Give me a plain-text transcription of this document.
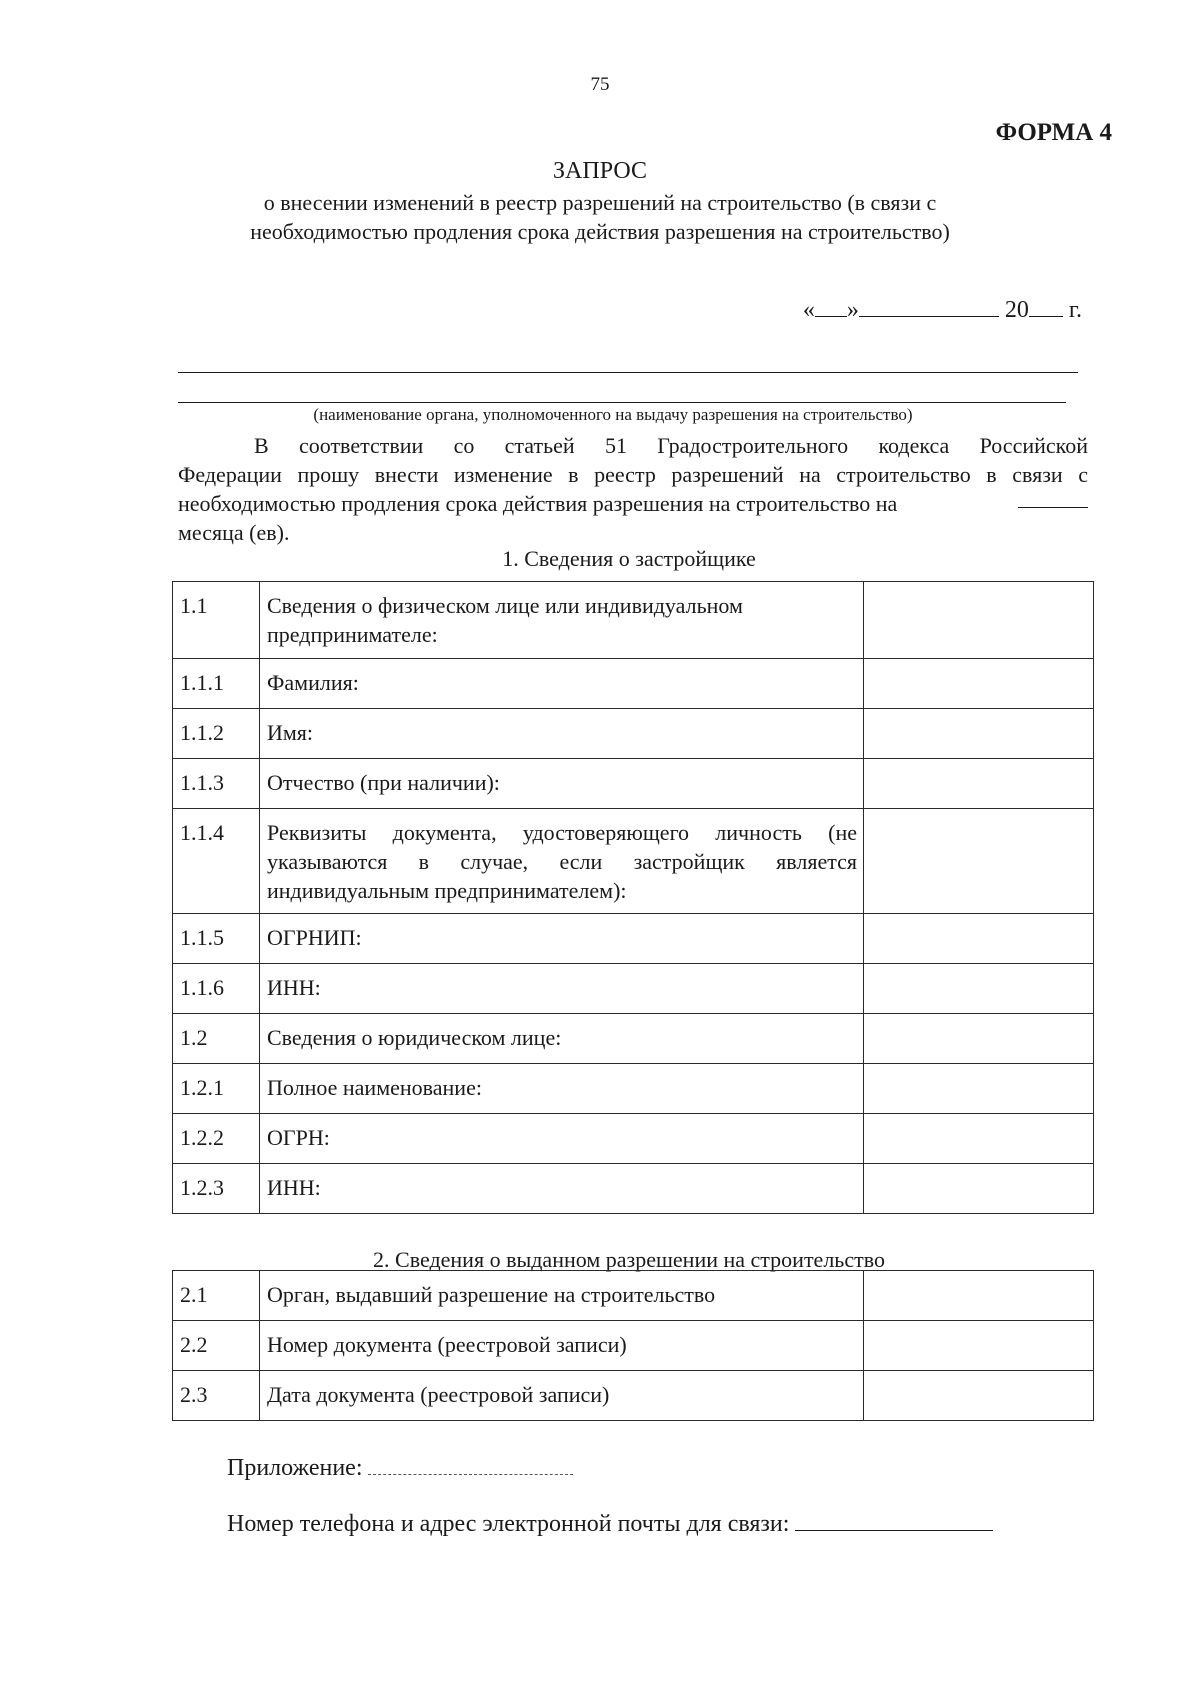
75
ФОРМА 4
ЗАПРОС
о внесении изменений в реестр разрешений на строительство (в связи с
необходимостью продления срока действия разрешения на строительство)
« »	20 г.
(наименование органа, уполномоченного на выдачу разрешения на строительство)
В соответствии со статьей 51 Градостроительного кодекса Российской
Федерации прошу внести изменение в реестр разрешений на строительство в связи с
необходимостью продления срока действия разрешения на строительство на
месяца (ев).
1. Сведения о застройщике
1.1	Сведения о физическом лице или индивидуальном предпринимателе:	
1.1.1	Фамилия:	
1.1.2	Имя:	
1.1.3	Отчество (при наличии):	
1.1.4	Реквизиты документа, удостоверяющего личность (не указываются в случае, если застройщик является индивидуальным предпринимателем):	
1.1.5	ОГРНИП:	
1.1.6	ИНН:	
1.2	Сведения о юридическом лице:	
1.2.1	Полное наименование:	
1.2.2	ОГРН:	
1.2.3	ИНН:	
2. Сведения о выданном разрешении на строительство
2.1	Орган, выдавший разрешение на строительство	
2.2	Номер документа (реестровой записи)	
2.3	Дата документа (реестровой записи)	
Приложение:
Номер телефона и адрес электронной почты для связи:
